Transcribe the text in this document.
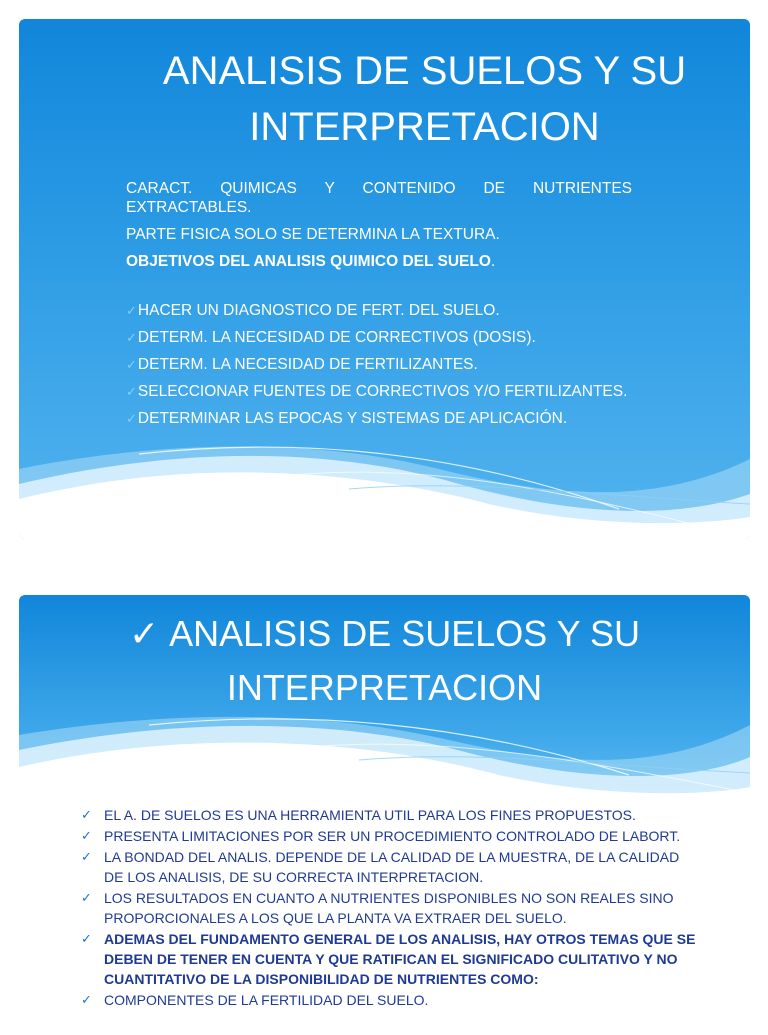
ANALISIS DE SUELOS Y SU INTERPRETACION

CARACT. QUIMICAS Y CONTENIDO DE NUTRIENTES EXTRACTABLES.

PARTE FISICA SOLO SE DETERMINA LA TEXTURA.

OBJETIVOS DEL ANALISIS QUIMICO DEL SUELO.

✓HACER UN DIAGNOSTICO DE FERT. DEL SUELO.
✓DETERM. LA NECESIDAD DE CORRECTIVOS (DOSIS).
✓DETERM. LA NECESIDAD DE FERTILIZANTES.
✓SELECCIONAR FUENTES DE CORRECTIVOS Y/O FERTILIZANTES.
✓DETERMINAR LAS EPOCAS Y SISTEMAS DE APLICACIÓN.
✓ ANALISIS DE SUELOS Y SU INTERPRETACION
✓ EL A. DE SUELOS ES UNA HERRAMIENTA UTIL PARA LOS FINES PROPUESTOS.
✓ PRESENTA LIMITACIONES POR SER UN PROCEDIMIENTO CONTROLADO DE LABORT.
✓ LA BONDAD DEL ANALIS. DEPENDE DE LA CALIDAD DE LA MUESTRA, DE LA CALIDAD DE LOS ANALISIS, DE SU CORRECTA INTERPRETACION.
✓ LOS RESULTADOS EN CUANTO A NUTRIENTES DISPONIBLES NO SON REALES SINO PROPORCIONALES A LOS QUE LA PLANTA VA EXTRAER DEL SUELO.
✓ ADEMAS DEL FUNDAMENTO GENERAL DE LOS ANALISIS, HAY OTROS TEMAS QUE SE DEBEN DE TENER EN CUENTA Y QUE RATIFICAN EL SIGNIFICADO CULITATIVO Y NO CUANTITATIVO DE LA DISPONIBILIDAD DE NUTRIENTES COMO:
✓ COMPONENTES DE LA FERTILIDAD DEL SUELO.
